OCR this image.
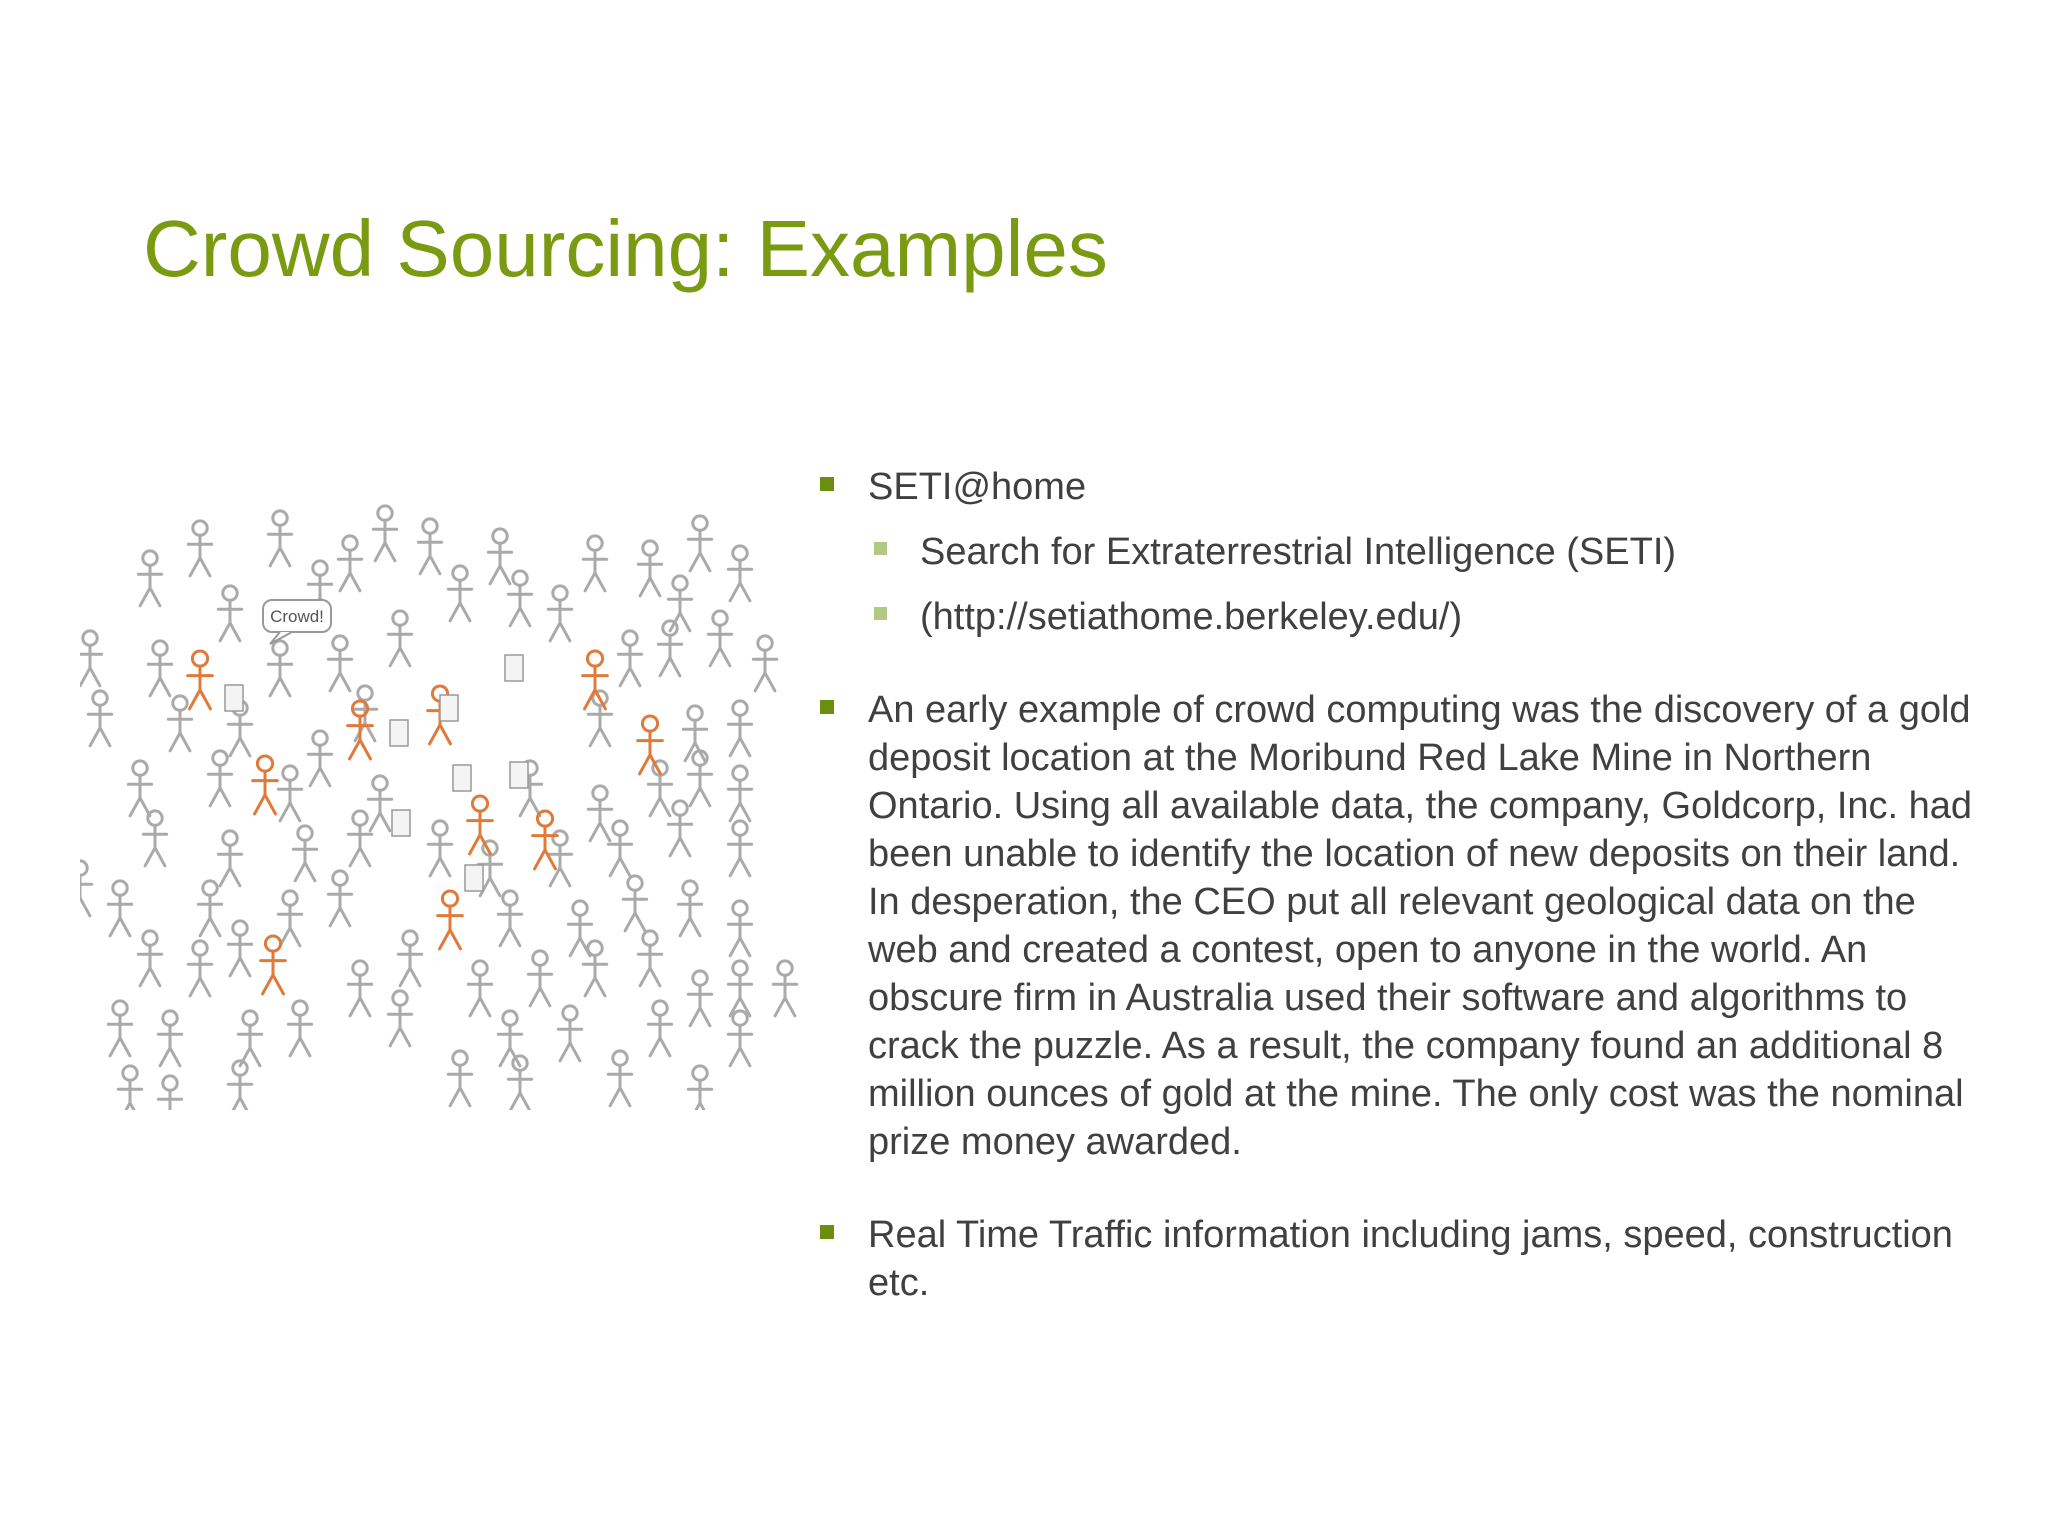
Crowd Sourcing: Examples
Crowd!
SETI@home
Search for Extraterrestrial Intelligence (SETI)
(http://setiathome.berkeley.edu/)
An early example of crowd computing was the discovery of a gold deposit location at the Moribund Red Lake Mine in Northern Ontario. Using all available data, the company, Goldcorp, Inc. had been unable to identify the location of new deposits on their land. In desperation, the CEO put all relevant geological data on the web and created a contest, open to anyone in the world. An obscure firm in Australia used their software and algorithms to crack the puzzle. As a result, the company found an additional 8 million ounces of gold at the mine. The only cost was the nominal prize money awarded.
Real Time Traffic information including jams, speed, construction etc.
